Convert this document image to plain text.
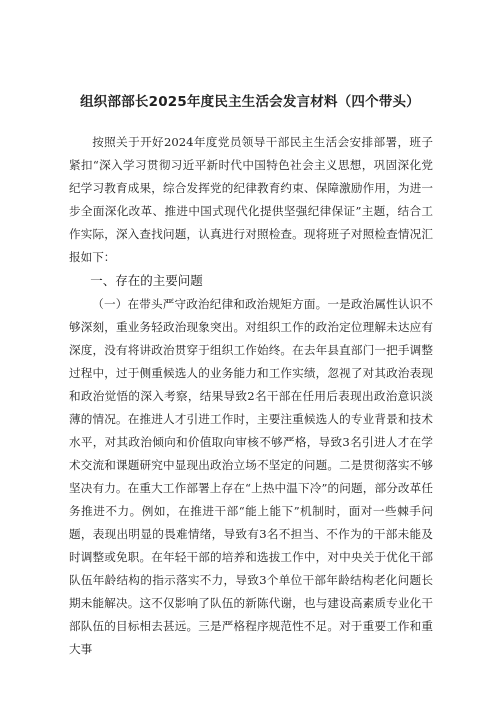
组织部部长2025年度民主生活会发言材料（四个带头）

按照关于开好2024年度党员领导干部民主生活会安排部署，班子紧扣“深入学习贯彻习近平新时代中国特色社会主义思想，巩固深化党纪学习教育成果，综合发挥党的纪律教育约束、保障激励作用，为进一步全面深化改革、推进中国式现代化提供坚强纪律保证”主题，结合工作实际，深入查找问题，认真进行对照检查。现将班子对照检查情况汇报如下：

一、存在的主要问题

（一）在带头严守政治纪律和政治规矩方面。一是政治属性认识不够深刻，重业务轻政治现象突出。对组织工作的政治定位理解未达应有深度，没有将讲政治贯穿于组织工作始终。在去年县直部门一把手调整过程中，过于侧重候选人的业务能力和工作实绩，忽视了对其政治表现和政治觉悟的深入考察，结果导致2名干部在任用后表现出政治意识淡薄的情况。在推进人才引进工作时，主要注重候选人的专业背景和技术水平，对其政治倾向和价值取向审核不够严格，导致3名引进人才在学术交流和课题研究中显现出政治立场不坚定的问题。二是贯彻落实不够坚决有力。在重大工作部署上存在“上热中温下冷”的问题，部分改革任务推进不力。例如，在推进干部“能上能下”机制时，面对一些棘手问题，表现出明显的畏难情绪，导致有3名不担当、不作为的干部未能及时调整或免职。在年轻干部的培养和选拔工作中，对中央关于优化干部队伍年龄结构的指示落实不力，导致3个单位干部年龄结构老化问题长期未能解决。这不仅影响了队伍的新陈代谢，也与建设高素质专业化干部队伍的目标相去甚远。三是严格程序规范性不足。对于重要工作和重大事
